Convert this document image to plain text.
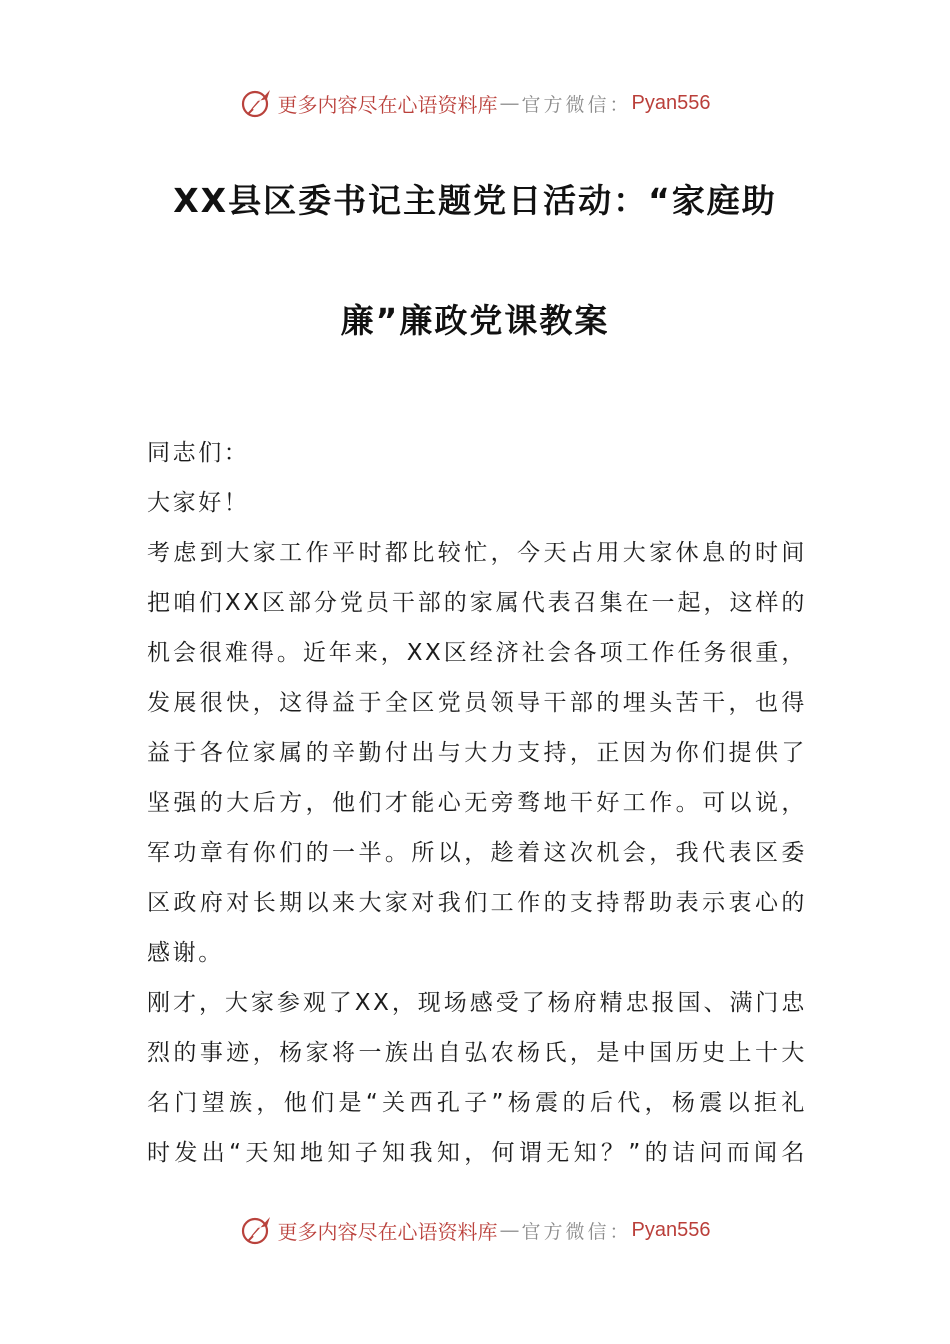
更多内容尽在心语资料库 — 官方微信： Pyan556
XX县区委书记主题党日活动：“家庭助
廉”廉政党课教案
同志们：
大家好！
考虑到大家工作平时都比较忙，今天占用大家休息的时间
把咱们XX区部分党员干部的家属代表召集在一起，这样的
机会很难得。近年来，XX区经济社会各项工作任务很重，
发展很快，这得益于全区党员领导干部的埋头苦干，也得
益于各位家属的辛勤付出与大力支持，正因为你们提供了
坚强的大后方，他们才能心无旁骛地干好工作。可以说，
军功章有你们的一半。所以，趁着这次机会，我代表区委
区政府对长期以来大家对我们工作的支持帮助表示衷心的
感谢。
刚才，大家参观了XX，现场感受了杨府精忠报国、满门忠
烈的事迹，杨家将一族出自弘农杨氏，是中国历史上十大
名门望族，他们是“关西孔子”杨震的后代，杨震以拒礼
时发出“天知地知子知我知，何谓无知？”的诘问而闻名
更多内容尽在心语资料库 — 官方微信： Pyan556
